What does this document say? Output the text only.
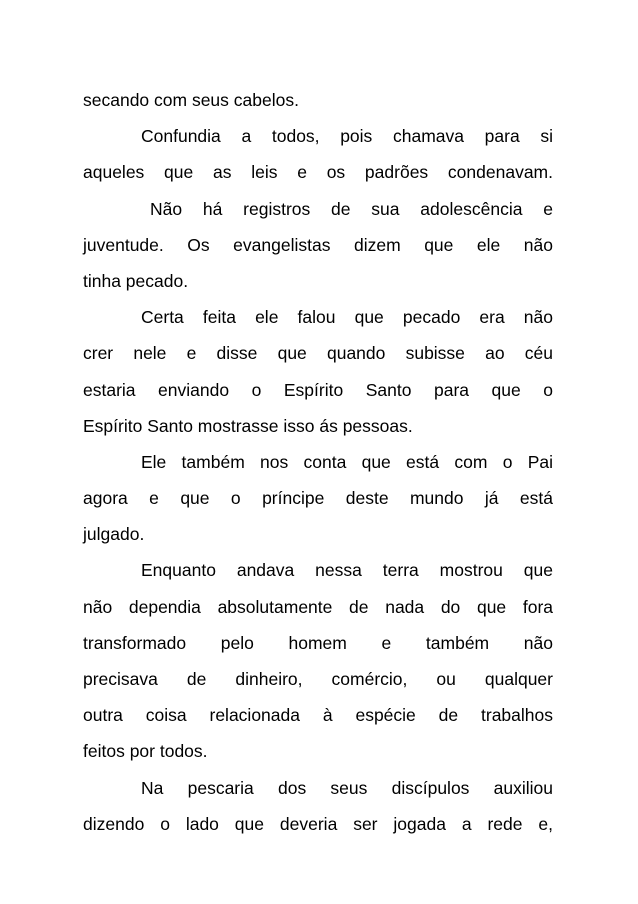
secando com seus cabelos.
Confundia a todos, pois chamava para si
aqueles que as leis e os padrões condenavam.
Não há registros de sua adolescência e
juventude. Os evangelistas dizem que ele não
tinha pecado.
Certa feita ele falou que pecado era não
crer nele e disse que quando subisse ao céu
estaria enviando o Espírito Santo para que o
Espírito Santo mostrasse isso ás pessoas.
Ele também nos conta que está com o Pai
agora e que o príncipe deste mundo já está
julgado.
Enquanto andava nessa terra mostrou que
não dependia absolutamente de nada do que fora
transformado pelo homem e também não
precisava de dinheiro, comércio, ou qualquer
outra coisa relacionada à espécie de trabalhos
feitos por todos.
Na pescaria dos seus discípulos auxiliou
dizendo o lado que deveria ser jogada a rede e,
